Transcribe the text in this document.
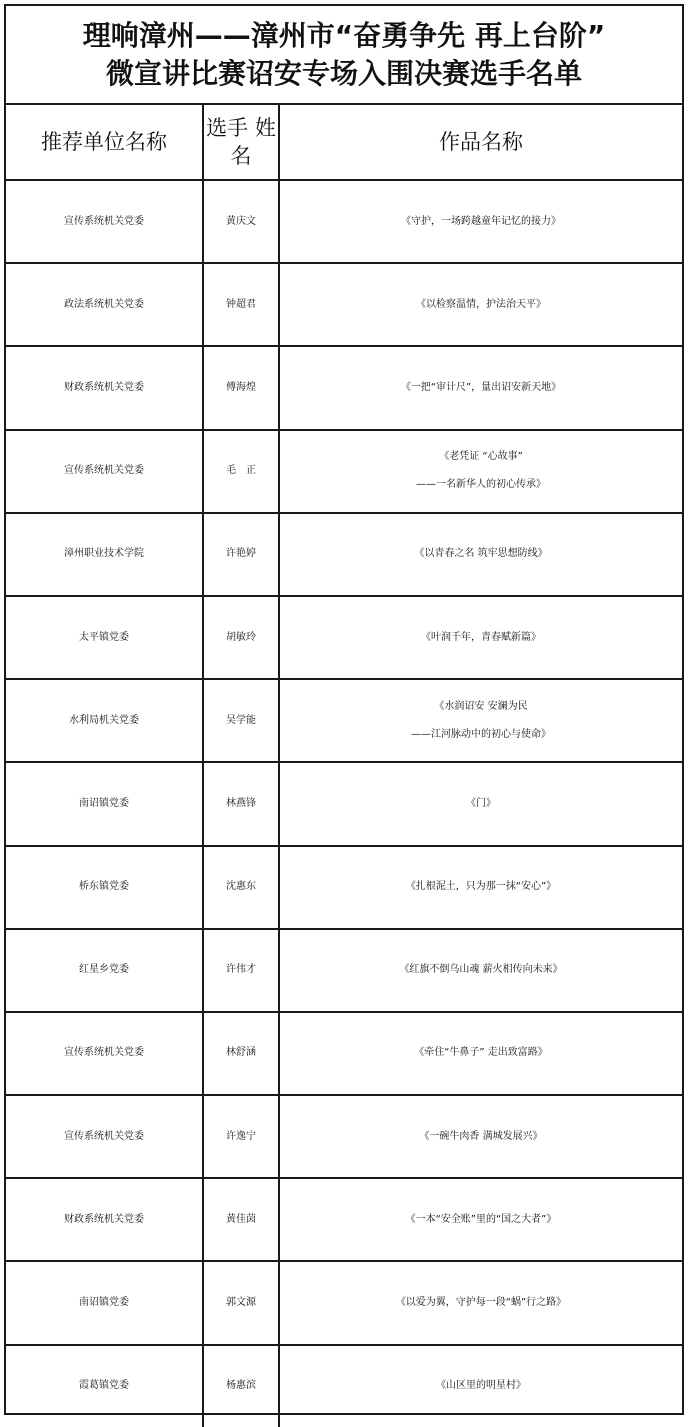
理响漳州——漳州市“奋勇争先 再上台阶”
微宣讲比赛诏安专场入围决赛选手名单
推荐单位名称	选手 姓名	作品名称
宣传系统机关党委	黄庆文	《守护，一场跨越童年记忆的接力》

政法系统机关党委	钟超君	《以检察温情，护法治天平》

财政系统机关党委	傅海煌	《一把“审计尺”，量出诏安新天地》

宣传系统机关党委	毛　正	《老凭证 “心故事”
——一名新华人的初心传承》

漳州职业技术学院	许艳婷	《以青春之名 筑牢思想防线》

太平镇党委	胡敏玲	《叶润千年，青春赋新篇》

水利局机关党委	吴学能	《水润诏安 安澜为民
——江河脉动中的初心与使命》

南诏镇党委	林燕锋	《门》

桥东镇党委	沈惠东	《扎根泥土，只为那一抹“安心”》

红星乡党委	许伟才	《红旗不倒乌山魂 薪火相传向未来》

宣传系统机关党委	林舒涵	《牵住“牛鼻子” 走出致富路》

宣传系统机关党委	许逸宁	《一碗牛肉香 满城发展兴》

财政系统机关党委	黄佳茵	《一本“安全账”里的“国之大者”》

南诏镇党委	郭文源	《以爱为翼，守护每一段“蜗”行之路》

霞葛镇党委	杨惠滨	《山区里的明星村》
